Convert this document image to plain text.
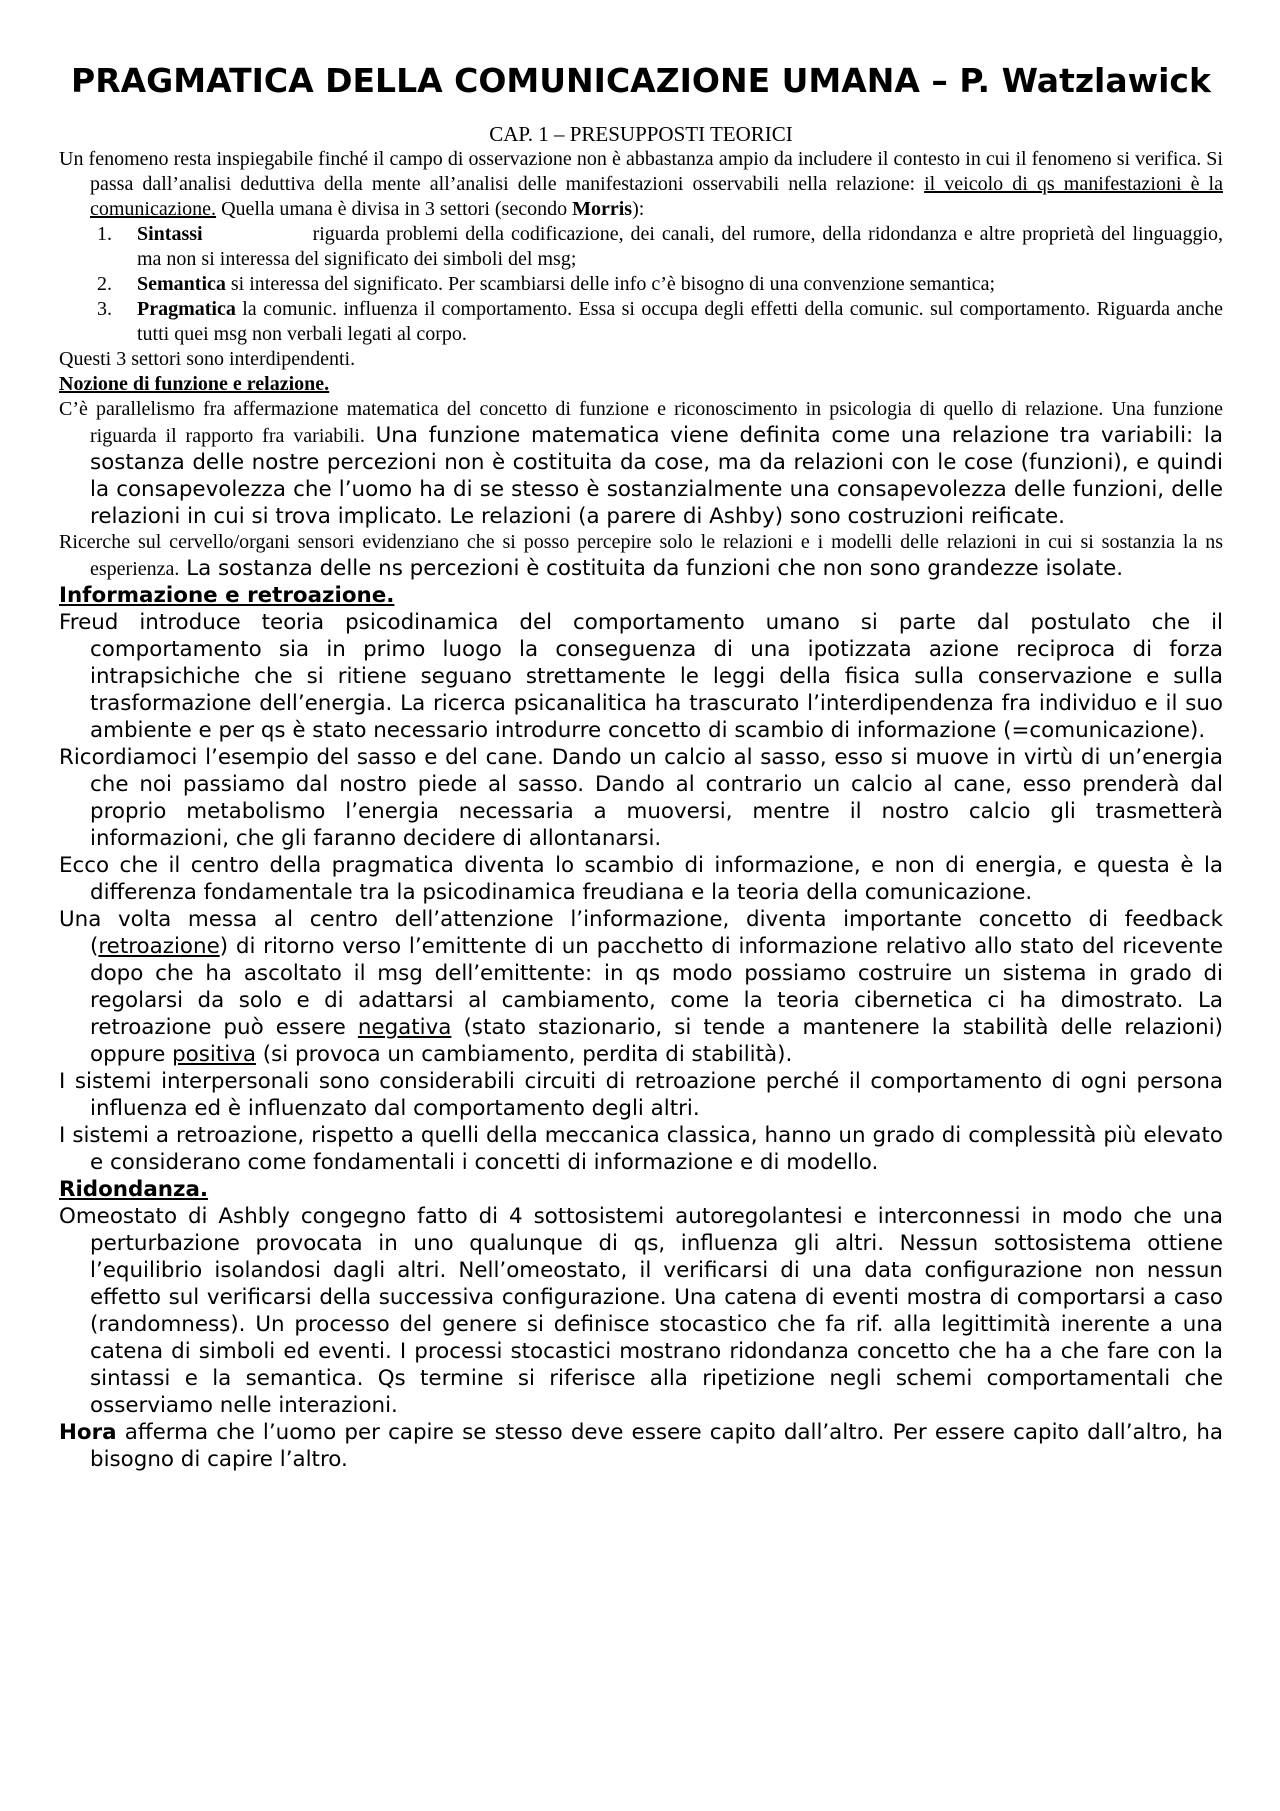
PRAGMATICA DELLA COMUNICAZIONE UMANA – P. Watzlawick
CAP. 1 – PRESUPPOSTI TEORICI

Un fenomeno resta inspiegabile finché il campo di osservazione non è abbastanza ampio da includere il contesto in cui il fenomeno si verifica. Si passa dall’analisi deduttiva della mente all’analisi delle manifestazioni osservabili nella relazione: il veicolo di qs manifestazioni è la comunicazione. Quella umana è divisa in 3 settori (secondo Morris):

1. Sintassi	riguarda problemi della codificazione, dei canali, del rumore, della ridondanza e altre proprietà del linguaggio, ma non si interessa del significato dei simboli del msg;
2. Semantica si interessa del significato. Per scambiarsi delle info c’è bisogno di una convenzione semantica;
3. Pragmatica la comunic. influenza il comportamento. Essa si occupa degli effetti della comunic. sul comportamento. Riguarda anche tutti quei msg non verbali legati al corpo.

Questi 3 settori sono interdipendenti.

Nozione di funzione e relazione.

C’è parallelismo fra affermazione matematica del concetto di funzione e riconoscimento in psicologia di quello di relazione. Una funzione riguarda il rapporto fra variabili. Una funzione matematica viene definita come una relazione tra variabili: la sostanza delle nostre percezioni non è costituita da cose, ma da relazioni con le cose (funzioni), e quindi la consapevolezza che l’uomo ha di se stesso è sostanzialmente una consapevolezza delle funzioni, delle relazioni in cui si trova implicato. Le relazioni (a parere di Ashby) sono costruzioni reificate.

Ricerche sul cervello/organi sensori evidenziano che si posso percepire solo le relazioni e i modelli delle relazioni in cui si sostanzia la ns esperienza. La sostanza delle ns percezioni è costituita da funzioni che non sono grandezze isolate.

Informazione e retroazione.

Freud introduce teoria psicodinamica del comportamento umano si parte dal postulato che il comportamento sia in primo luogo la conseguenza di una ipotizzata azione reciproca di forza intrapsichiche che si ritiene seguano strettamente le leggi della fisica sulla conservazione e sulla trasformazione dell’energia. La ricerca psicanalitica ha trascurato l’interdipendenza fra individuo e il suo ambiente e per qs è stato necessario introdurre concetto di scambio di informazione (=comunicazione).

Ricordiamoci l’esempio del sasso e del cane. Dando un calcio al sasso, esso si muove in virtù di un’energia che noi passiamo dal nostro piede al sasso. Dando al contrario un calcio al cane, esso prenderà dal proprio metabolismo l’energia necessaria a muoversi, mentre il nostro calcio gli trasmetterà informazioni, che gli faranno decidere di allontanarsi.

Ecco che il centro della pragmatica diventa lo scambio di informazione, e non di energia, e questa è la differenza fondamentale tra la psicodinamica freudiana e la teoria della comunicazione.

Una volta messa al centro dell’attenzione l’informazione, diventa importante concetto di feedback (retroazione) di ritorno verso l’emittente di un pacchetto di informazione relativo allo stato del ricevente dopo che ha ascoltato il msg dell’emittente: in qs modo possiamo costruire un sistema in grado di regolarsi da solo e di adattarsi al cambiamento, come la teoria cibernetica ci ha dimostrato. La retroazione può essere negativa (stato stazionario, si tende a mantenere la stabilità delle relazioni) oppure positiva (si provoca un cambiamento, perdita di stabilità).

I sistemi interpersonali sono considerabili circuiti di retroazione perché il comportamento di ogni persona influenza ed è influenzato dal comportamento degli altri.

I sistemi a retroazione, rispetto a quelli della meccanica classica, hanno un grado di complessità più elevato e considerano come fondamentali i concetti di informazione e di modello.

Ridondanza.

Omeostato di Ashbly congegno fatto di 4 sottosistemi autoregolantesi e interconnessi in modo che una perturbazione provocata in uno qualunque di qs, influenza gli altri. Nessun sottosistema ottiene l’equilibrio isolandosi dagli altri. Nell’omeostato, il verificarsi di una data configurazione non nessun effetto sul verificarsi della successiva configurazione. Una catena di eventi mostra di comportarsi a caso (randomness). Un processo del genere si definisce stocastico che fa rif. alla legittimità inerente a una catena di simboli ed eventi. I processi stocastici mostrano ridondanza concetto che ha a che fare con la sintassi e la semantica. Qs termine si riferisce alla ripetizione negli schemi comportamentali che osserviamo nelle interazioni.

Hora afferma che l’uomo per capire se stesso deve essere capito dall’altro. Per essere capito dall’altro, ha bisogno di capire l’altro.
